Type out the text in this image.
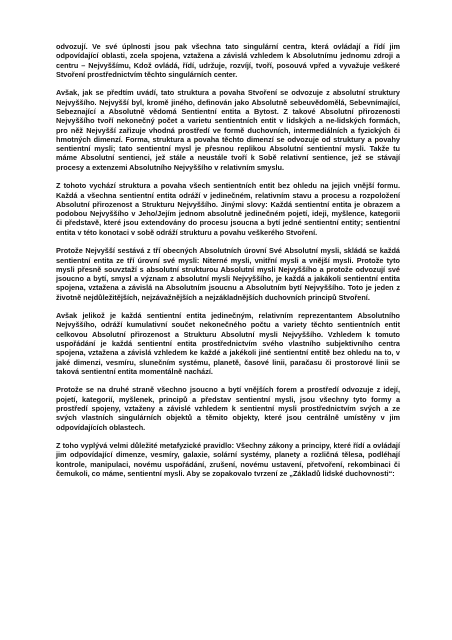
odvozují. Ve své úplnosti jsou pak všechna tato singulární centra, která ovládají a řídí jim odpovídající oblasti, zcela spojena, vztažena a závislá vzhledem k Absolutnímu jednomu zdroji a centru – Nejvyššímu, Kdož ovládá, řídí, udržuje, rozvíjí, tvoří, posouvá vpřed a vyvažuje veškeré Stvoření prostřednictvím těchto singulárních center.

Avšak, jak se předtím uvádí, tato struktura a povaha Stvoření se odvozuje z absolutní struktury Nejvyššího. Nejvyšší byl, kromě jiného, definován jako Absolutně sebeuvědomělá, Sebevnímající, Sebeznající a Absolutně vědomá Sentientní entita a Bytost. Z takové Absolutní přirozenosti Nejvyššího tvoří nekonečný počet a varietu sentientních entit v lidských a ne-lidských formách, pro něž Nejvyšší zařizuje vhodná prostředí ve formě duchovních, intermediálních a fyzických či hmotných dimenzí. Forma, struktura a povaha těchto dimenzí se odvozuje od struktury a povahy sentientní mysli; tato sentientní mysl je přesnou replikou Absolutní sentientní mysli. Takže tu máme Absolutní sentienci, jež stále a neustále tvoří k Sobě relativní sentience, jež se stávají procesy a extenzemi Absolutního Nejvyššího v relativním smyslu.

Z tohoto vychází struktura a povaha všech sentientních entit bez ohledu na jejich vnější formu. Každá a všechna sentientní entita odráží v jedinečném, relativním stavu a procesu a rozpoložení Absolutní přirozenost a Strukturu Nejvyššího. Jinými slovy: Každá sentientní entita je obrazem a podobou Nejvyššího v Jeho/Jejím jednom absolutně jedinečném pojetí, ideji, myšlence, kategorii či představě, které jsou extendovány do procesu jsoucna a bytí jedné sentientní entity; sentientní entita v této konotaci v sobě odráží strukturu a povahu veškerého Stvoření.

Protože Nejvyšší sestává z tří obecných Absolutních úrovní Své Absolutní mysli, skládá se každá sentientní entita ze tří úrovní své mysli: Niterné mysli, vnitřní mysli a vnější mysli. Protože tyto mysli přesně souvztaží s absolutní strukturou Absolutní mysli Nejvyššího a protože odvozují své jsoucno a bytí, smysl a význam z absolutní mysli Nejvyššího, je každá a jakákoli sentientní entita spojena, vztažena a závislá na Absolutním jsoucnu a Absolutním bytí Nejvyššího. Toto je jeden z životně nejdůležitějších, nejzávažnějších a nejzákladnějších duchovních principů Stvoření.

Avšak jelikož je každá sentientní entita jedinečným, relativním reprezentantem Absolutního Nejvyššího, odráží kumulativní součet nekonečného počtu a variety těchto sentientních entit celkovou Absolutní přirozenost a Strukturu Absolutní mysli Nejvyššího. Vzhledem k tomuto uspořádání je každá sentientní entita prostřednictvím svého vlastního subjektivního centra spojena, vztažena a závislá vzhledem ke každé a jakékoli jiné sentientní entitě bez ohledu na to, v jaké dimenzi, vesmíru, slunečním systému, planetě, časové linii, paračasu či prostorové linii se taková sentientní entita momentálně nachází.

Protože se na druhé straně všechno jsoucno a bytí vnějších forem a prostředí odvozuje z idejí, pojetí, kategorií, myšlenek, principů a představ sentientní mysli, jsou všechny tyto formy a prostředí spojeny, vztaženy a závislé vzhledem k sentientní mysli prostřednictvím svých a ze svých vlastních singulárních objektů a těmito objekty, které jsou centrálně umístěny v jim odpovídajících oblastech.

Z toho vyplývá velmi důležité metafyzické pravidlo: Všechny zákony a principy, které řídí a ovládají jim odpovídající dimenze, vesmíry, galaxie, solární systémy, planety a rozličná tělesa, podléhají kontrole, manipulaci, novému uspořádání, zrušení, novému ustavení, přetvoření, rekombinaci či čemukoli, co máme, sentientní mysli. Aby se zopakovalo tvrzení ze „Základů lidské duchovnosti“:
